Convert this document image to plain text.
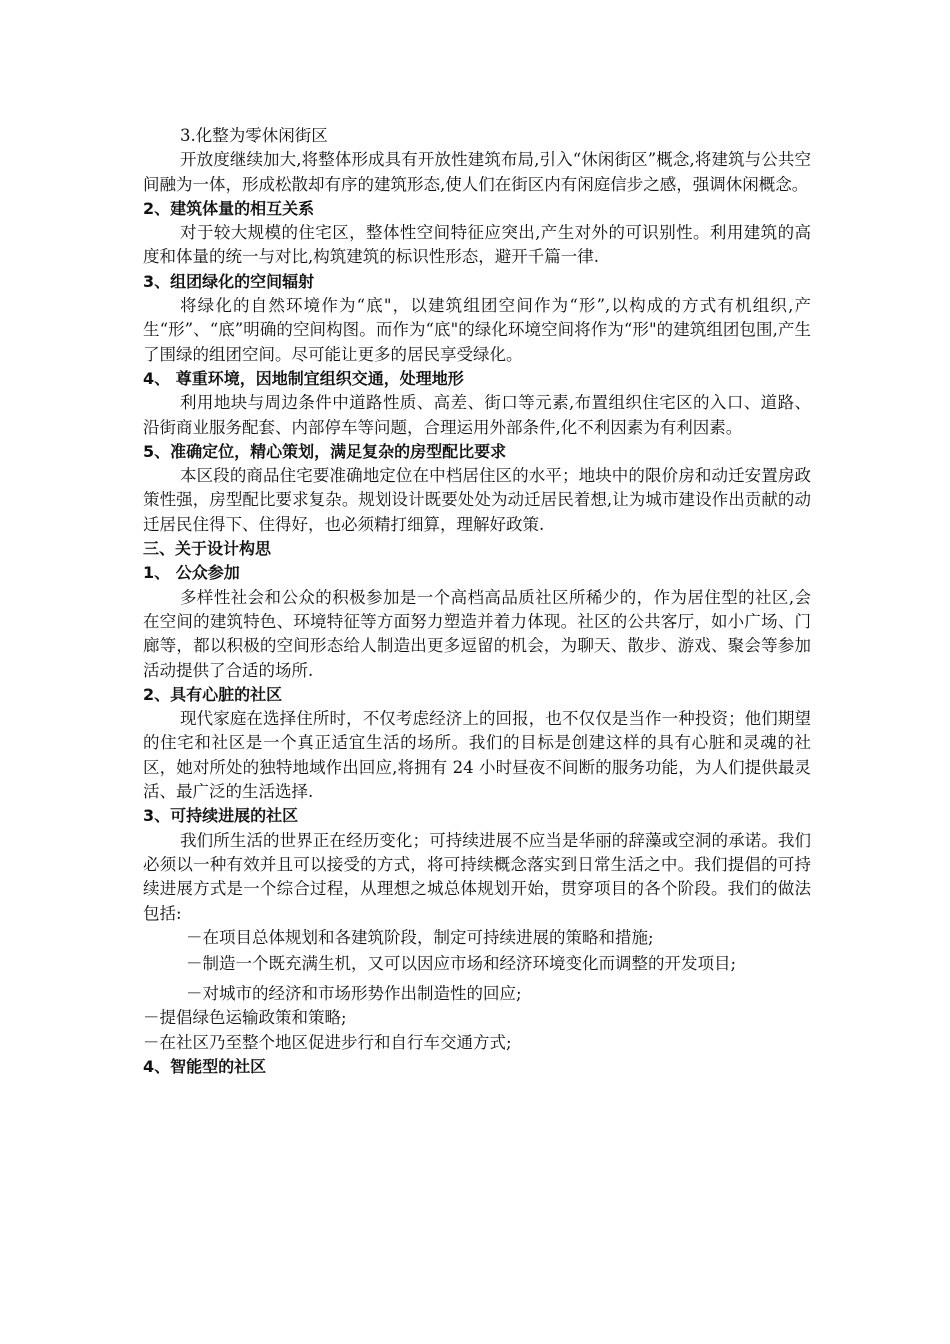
3.化整为零休闲街区
开放度继续加大,将整体形成具有开放性建筑布局,引入“休闲街区”概念,将建筑与公共空间融为一体，形成松散却有序的建筑形态,使人们在街区内有闲庭信步之感，强调休闲概念。
2、建筑体量的相互关系
对于较大规模的住宅区，整体性空间特征应突出,产生对外的可识别性。利用建筑的高度和体量的统一与对比,构筑建筑的标识性形态，避开千篇一律.
3、组团绿化的空间辐射
将绿化的自然环境作为“底"，以建筑组团空间作为“形”,以构成的方式有机组织,产生“形”、“底”明确的空间构图。而作为“底"的绿化环境空间将作为“形"的建筑组团包围,产生了围绿的组团空间。尽可能让更多的居民享受绿化。
4、 尊重环境，因地制宜组织交通，处理地形
利用地块与周边条件中道路性质、高差、街口等元素,布置组织住宅区的入口、道路、沿街商业服务配套、内部停车等问题，合理运用外部条件,化不利因素为有利因素。
5、准确定位，精心策划，满足复杂的房型配比要求
本区段的商品住宅要准确地定位在中档居住区的水平；地块中的限价房和动迁安置房政策性强，房型配比要求复杂。规划设计既要处处为动迁居民着想,让为城市建设作出贡献的动迁居民住得下、住得好，也必须精打细算，理解好政策.
三、关于设计构思
1、 公众参加
多样性社会和公众的积极参加是一个高档高品质社区所稀少的，作为居住型的社区,会在空间的建筑特色、环境特征等方面努力塑造并着力体现。社区的公共客厅，如小广场、门廊等，都以积极的空间形态给人制造出更多逗留的机会，为聊天、散步、游戏、聚会等参加活动提供了合适的场所.
2、具有心脏的社区
现代家庭在选择住所时，不仅考虑经济上的回报，也不仅仅是当作一种投资；他们期望的住宅和社区是一个真正适宜生活的场所。我们的目标是创建这样的具有心脏和灵魂的社区，她对所处的独特地域作出回应,将拥有 24 小时昼夜不间断的服务功能，为人们提供最灵活、最广泛的生活选择.
3、可持续进展的社区
我们所生活的世界正在经历变化；可持续进展不应当是华丽的辞藻或空洞的承诺。我们必须以一种有效并且可以接受的方式，将可持续概念落实到日常生活之中。我们提倡的可持续进展方式是一个综合过程，从理想之城总体规划开始，贯穿项目的各个阶段。我们的做法包括:
－在项目总体规划和各建筑阶段，制定可持续进展的策略和措施;
－制造一个既充满生机，又可以因应市场和经济环境变化而调整的开发项目;
－对城市的经济和市场形势作出制造性的回应;
－提倡绿色运输政策和策略;
－在社区乃至整个地区促进步行和自行车交通方式;
4、智能型的社区
